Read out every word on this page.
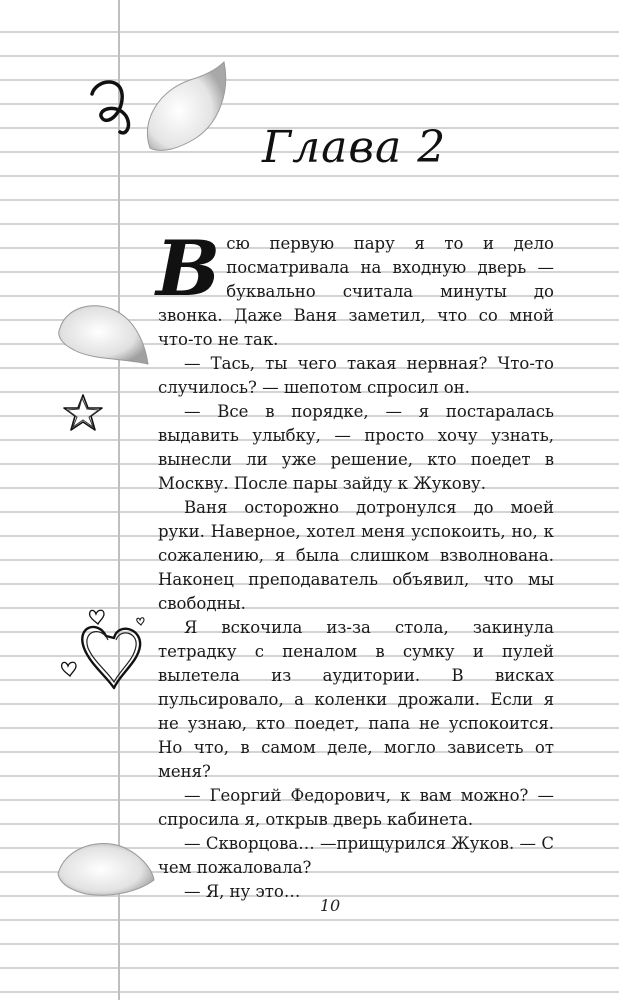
Глава 2

Всю первую пару я то и дело посматривала на входную дверь — буквально считала минуты до звонка. Даже Ваня заметил, что со мной что-то не так.

— Тась, ты чего такая нервная? Что-то случилось? — шепотом спросил он.

— Все в порядке, — я постаралась выдавить улыбку, — просто хочу узнать, вынесли ли уже решение, кто поедет в Москву. После пары зайду к Жукову.

Ваня осторожно дотронулся до моей руки. Наверное, хотел меня успокоить, но, к сожалению, я была слишком взволнована. Наконец преподаватель объявил, что мы свободны.

Я вскочила из-за стола, закинула тетрадку с пеналом в сумку и пулей вылетела из аудитории. В висках пульсировало, а коленки дрожали. Если я не узнаю, кто поедет, папа не успокоится. Но что, в самом деле, могло зависеть от меня?

— Георгий Федорович, к вам можно? — спросила я, открыв дверь кабинета.

— Скворцова… —прищурился Жуков. — С чем пожаловала?

— Я, ну это…

10
